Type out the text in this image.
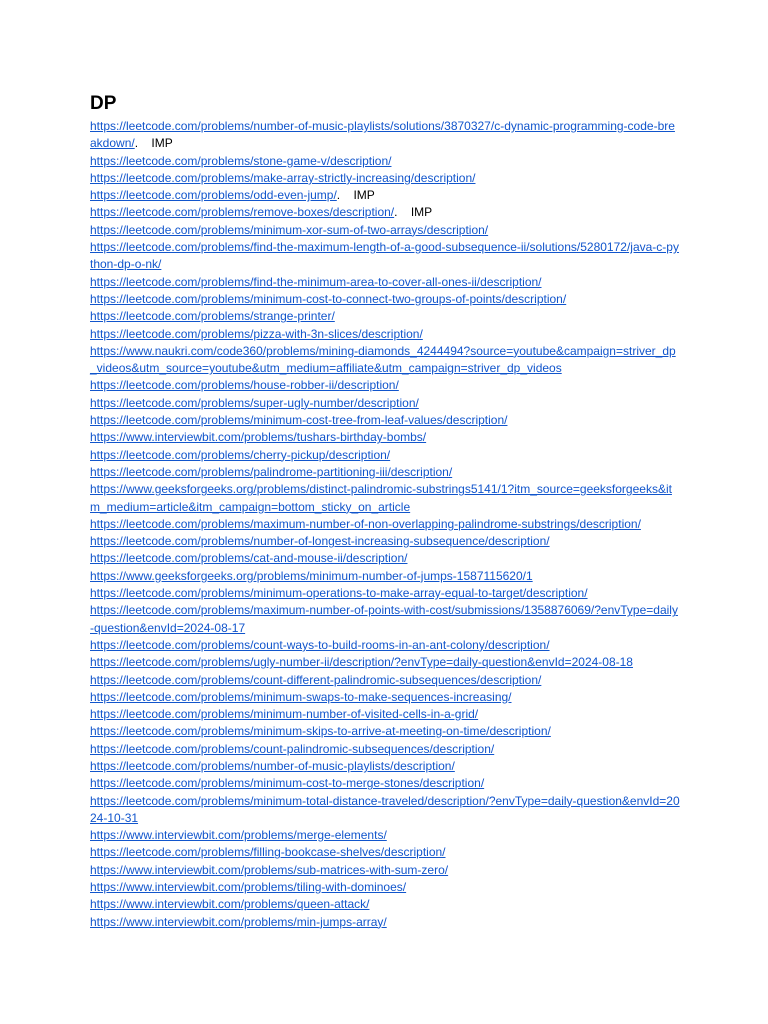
DP
https://leetcode.com/problems/number-of-music-playlists/solutions/3870327/c-dynamic-programming-code-breakdown/.    IMP
https://leetcode.com/problems/stone-game-v/description/
https://leetcode.com/problems/make-array-strictly-increasing/description/
https://leetcode.com/problems/odd-even-jump/.    IMP
https://leetcode.com/problems/remove-boxes/description/.    IMP
https://leetcode.com/problems/minimum-xor-sum-of-two-arrays/description/
https://leetcode.com/problems/find-the-maximum-length-of-a-good-subsequence-ii/solutions/5280172/java-c-python-dp-o-nk/
https://leetcode.com/problems/find-the-minimum-area-to-cover-all-ones-ii/description/
https://leetcode.com/problems/minimum-cost-to-connect-two-groups-of-points/description/
https://leetcode.com/problems/strange-printer/
https://leetcode.com/problems/pizza-with-3n-slices/description/
https://www.naukri.com/code360/problems/mining-diamonds_4244494?source=youtube&campaign=striver_dp_videos&utm_source=youtube&utm_medium=affiliate&utm_campaign=striver_dp_videos
https://leetcode.com/problems/house-robber-ii/description/
https://leetcode.com/problems/super-ugly-number/description/
https://leetcode.com/problems/minimum-cost-tree-from-leaf-values/description/
https://www.interviewbit.com/problems/tushars-birthday-bombs/
https://leetcode.com/problems/cherry-pickup/description/
https://leetcode.com/problems/palindrome-partitioning-iii/description/
https://www.geeksforgeeks.org/problems/distinct-palindromic-substrings5141/1?itm_source=geeksforgeeks&itm_medium=article&itm_campaign=bottom_sticky_on_article
https://leetcode.com/problems/maximum-number-of-non-overlapping-palindrome-substrings/description/
https://leetcode.com/problems/number-of-longest-increasing-subsequence/description/
https://leetcode.com/problems/cat-and-mouse-ii/description/
https://www.geeksforgeeks.org/problems/minimum-number-of-jumps-1587115620/1
https://leetcode.com/problems/minimum-operations-to-make-array-equal-to-target/description/
https://leetcode.com/problems/maximum-number-of-points-with-cost/submissions/1358876069/?envType=daily-question&envId=2024-08-17
https://leetcode.com/problems/count-ways-to-build-rooms-in-an-ant-colony/description/
https://leetcode.com/problems/ugly-number-ii/description/?envType=daily-question&envId=2024-08-18
https://leetcode.com/problems/count-different-palindromic-subsequences/description/
https://leetcode.com/problems/minimum-swaps-to-make-sequences-increasing/
https://leetcode.com/problems/minimum-number-of-visited-cells-in-a-grid/
https://leetcode.com/problems/minimum-skips-to-arrive-at-meeting-on-time/description/
https://leetcode.com/problems/count-palindromic-subsequences/description/
https://leetcode.com/problems/number-of-music-playlists/description/
https://leetcode.com/problems/minimum-cost-to-merge-stones/description/
https://leetcode.com/problems/minimum-total-distance-traveled/description/?envType=daily-question&envId=2024-10-31
https://www.interviewbit.com/problems/merge-elements/
https://leetcode.com/problems/filling-bookcase-shelves/description/
https://www.interviewbit.com/problems/sub-matrices-with-sum-zero/
https://www.interviewbit.com/problems/tiling-with-dominoes/
https://www.interviewbit.com/problems/queen-attack/
https://www.interviewbit.com/problems/min-jumps-array/
